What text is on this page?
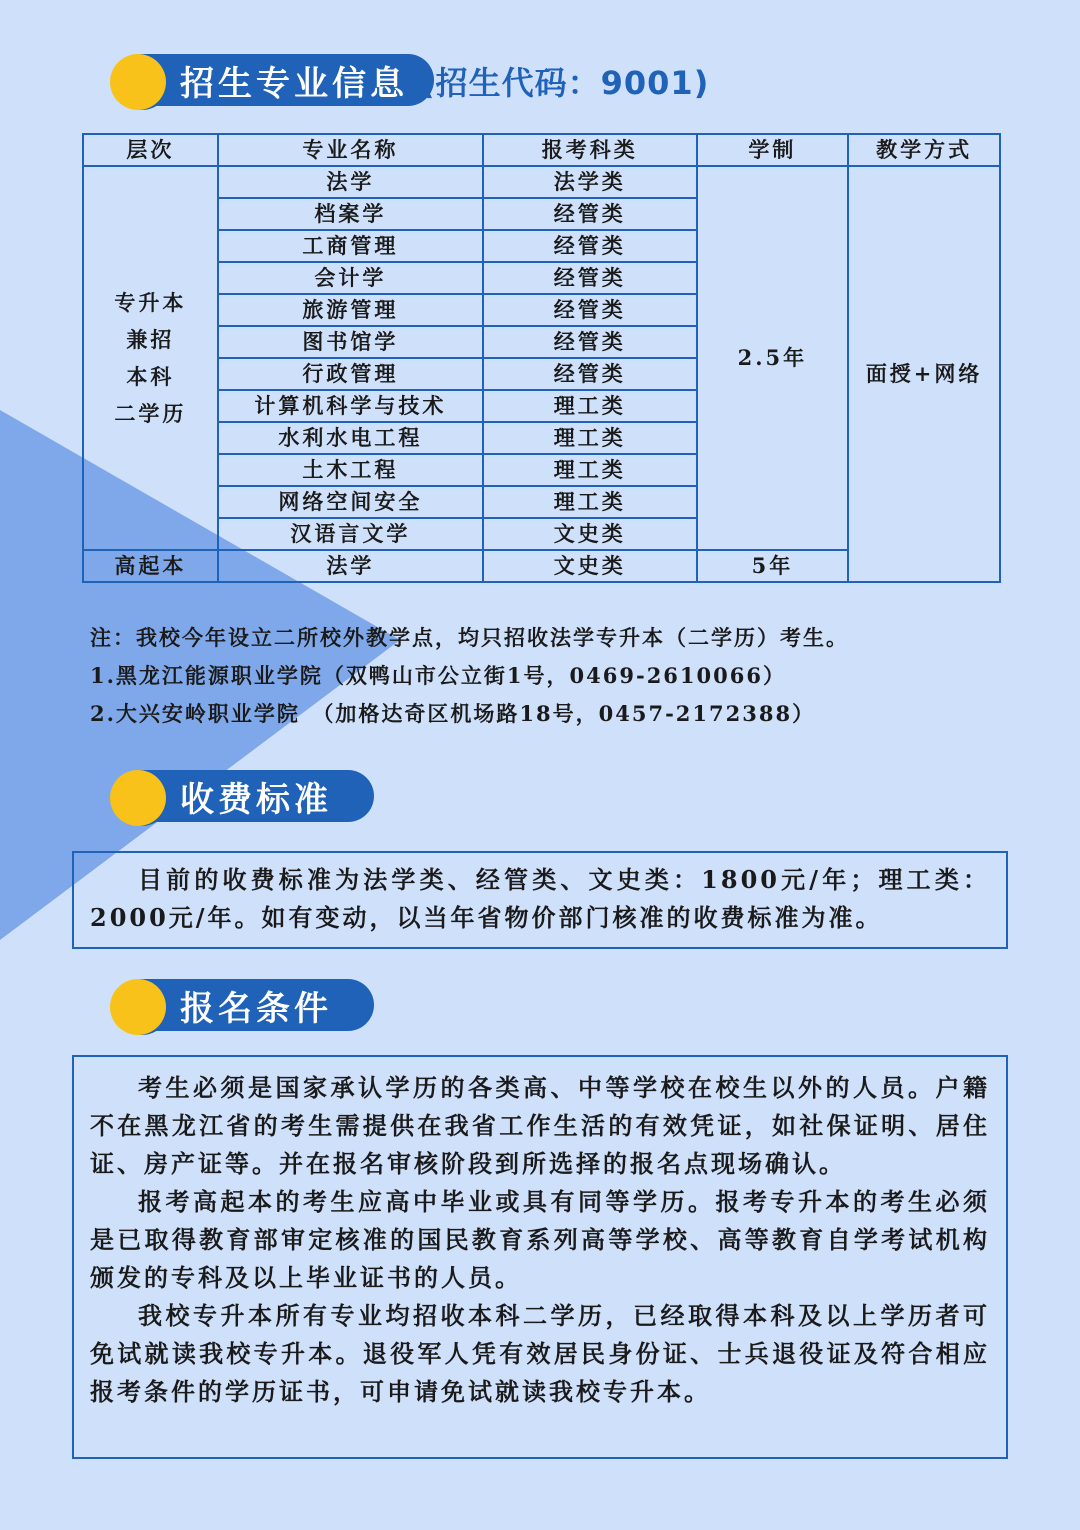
招生专业信息 (招生代码：9001)
层次	专业名称	报考科类	学制	教学方式

专升本
兼招
本科
二学历	法学	法学类	2.5年	面授+网络
	档案学	经管类		
	工商管理	经管类		
	会计学	经管类		
	旅游管理	经管类		
	图书馆学	经管类		
	行政管理	经管类		
	计算机科学与技术	理工类		
	水利水电工程	理工类		
	土木工程	理工类		
	网络空间安全	理工类		
	汉语言文学	文史类		
高起本	法学	文史类	5年	
注：我校今年设立二所校外教学点，均只招收法学专升本（二学历）考生。
1.黑龙江能源职业学院（双鸭山市公立街1号，0469-2610066）
2.大兴安岭职业学院　（加格达奇区机场路18号，0457-2172388）
收费标准

目前的收费标准为法学类、经管类、文史类：1800元/年；理工类：2000元/年。如有变动，以当年省物价部门核准的收费标准为准。

报名条件

考生必须是国家承认学历的各类高、中等学校在校生以外的人员。户籍不在黑龙江省的考生需提供在我省工作生活的有效凭证，如社保证明、居住证、房产证等。并在报名审核阶段到所选择的报名点现场确认。

报考高起本的考生应高中毕业或具有同等学历。报考专升本的考生必须是已取得教育部审定核准的国民教育系列高等学校、高等教育自学考试机构颁发的专科及以上毕业证书的人员。

我校专升本所有专业均招收本科二学历，已经取得本科及以上学历者可免试就读我校专升本。退役军人凭有效居民身份证、士兵退役证及符合相应报考条件的学历证书，可申请免试就读我校专升本。
